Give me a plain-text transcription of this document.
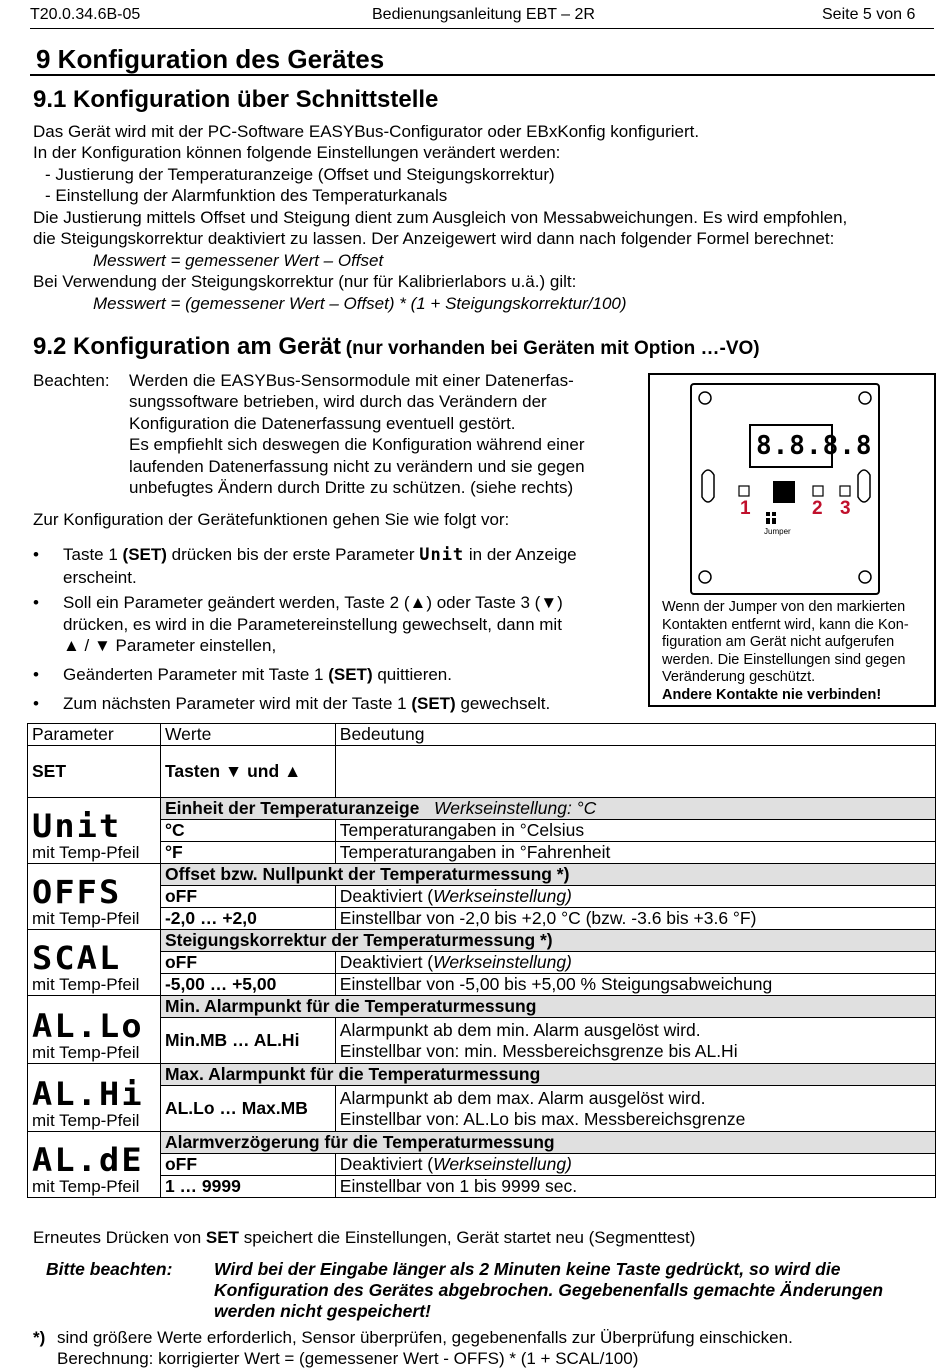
T20.0.34.6B-05	Bedienungsanleitung EBT – 2R	Seite 5 von 6
9 Konfiguration des Gerätes
9.1 Konfiguration über Schnittstelle
Das Gerät wird mit der PC-Software EASYBus-Configurator oder EBxKonfig konfiguriert.
In der Konfiguration können folgende Einstellungen verändert werden:
- Justierung der Temperaturanzeige (Offset und Steigungskorrektur)
- Einstellung der Alarmfunktion des Temperaturkanals
Die Justierung mittels Offset und Steigung dient zum Ausgleich von Messabweichungen. Es wird empfohlen,
die Steigungskorrektur deaktiviert zu lassen. Der Anzeigewert wird dann nach folgender Formel berechnet:
Messwert = gemessener Wert – Offset
Bei Verwendung der Steigungskorrektur (nur für Kalibrierlabors u.ä.) gilt:
Messwert = (gemessener Wert – Offset) * (1 + Steigungskorrektur/100)
9.2 Konfiguration am Gerät (nur vorhanden bei Geräten mit Option …-VO)
Beachten: Werden die EASYBus-Sensormodule mit einer Datenerfas-
sungssoftware betrieben, wird durch das Verändern der
Konfiguration die Datenerfassung eventuell gestört.
Es empfiehlt sich deswegen die Konfiguration während einer
laufenden Datenerfassung nicht zu verändern und sie gegen
unbefugtes Ändern durch Dritte zu schützen. (siehe rechts)
Zur Konfiguration der Gerätefunktionen gehen Sie wie folgt vor:
• Taste 1 (SET) drücken bis der erste Parameter Unit in der Anzeige
erscheint.
• Soll ein Parameter geändert werden, Taste 2 (▲) oder Taste 3 (▼)
drücken, es wird in die Parametereinstellung gewechselt, dann mit
▲ / ▼ Parameter einstellen,
• Geänderten Parameter mit Taste 1 (SET) quittieren.
• Zum nächsten Parameter wird mit der Taste 1 (SET) gewechselt.
8.8.8.8
1	2 3
Jumper
Wenn der Jumper von den markierten
Kontakten entfernt wird, kann die Kon-
figuration am Gerät nicht aufgerufen
werden. Die Einstellungen sind gegen
Veränderung geschützt.
Andere Kontakte nie verbinden!
Parameter	Werte	Bedeutung
SET	Tasten ▼ und ▲	

Unit
mit Temp-Pfeil	Einheit der Temperaturanzeige Werkseinstellung: °C	
	°C	Temperaturangaben in °Celsius
	°F	Temperaturangaben in °Fahrenheit

OFFS
mit Temp-Pfeil	Offset bzw. Nullpunkt der Temperaturmessung *)	
	oFF	Deaktiviert (Werkseinstellung)
	-2,0 … +2,0	Einstellbar von -2,0 bis +2,0 °C (bzw. -3.6 bis +3.6 °F)

SCAL
mit Temp-Pfeil	Steigungskorrektur der Temperaturmessung *)	
	oFF	Deaktiviert (Werkseinstellung)
	-5,00 … +5,00	Einstellbar von -5,00 bis +5,00 % Steigungsabweichung

AL.Lo
mit Temp-Pfeil	Min. Alarmpunkt für die Temperaturmessung	
	Min.MB … AL.Hi	Alarmpunkt ab dem min. Alarm ausgelöst wird.
Einstellbar von: min. Messbereichsgrenze bis AL.Hi

AL.Hi
mit Temp-Pfeil	Max. Alarmpunkt für die Temperaturmessung	
	AL.Lo … Max.MB	Alarmpunkt ab dem max. Alarm ausgelöst wird.
Einstellbar von: AL.Lo bis max. Messbereichsgrenze

AL.dE
mit Temp-Pfeil	Alarmverzögerung für die Temperaturmessung	
	oFF	Deaktiviert (Werkseinstellung)
	1 … 9999	Einstellbar von 1 bis 9999 sec.
Erneutes Drücken von SET speichert die Einstellungen, Gerät startet neu (Segmenttest)
Bitte beachten: Wird bei der Eingabe länger als 2 Minuten keine Taste gedrückt, so wird die Konfiguration des Gerätes abgebrochen. Gegebenenfalls gemachte Änderungen werden nicht gespeichert!
*) sind größere Werte erforderlich, Sensor überprüfen, gegebenenfalls zur Überprüfung einschicken.
Berechnung: korrigierter Wert = (gemessener Wert - OFFS) * (1 + SCAL/100)
